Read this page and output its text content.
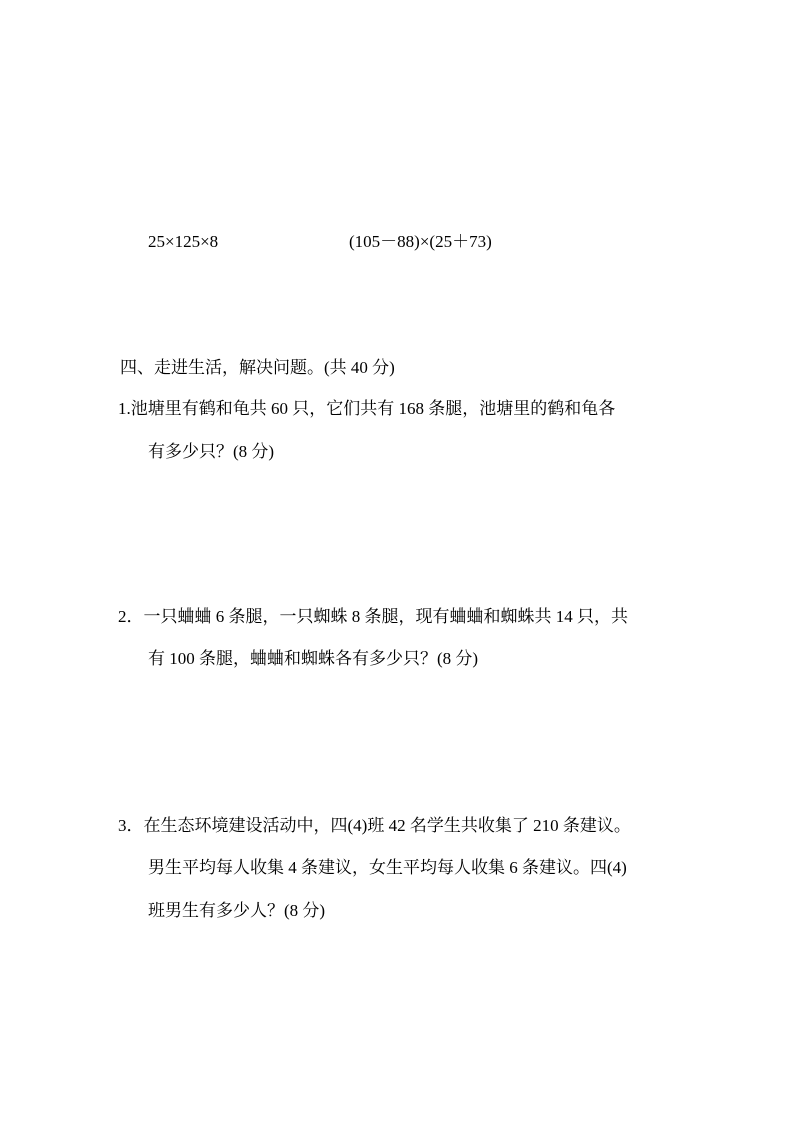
25×125×8	(105－88)×(25＋73)
四、走进生活，解决问题。(共 40 分)
1.池塘里有鹤和龟共 60 只，它们共有 168 条腿，池塘里的鹤和龟各
有多少只？(8 分)
2．一只蛐蛐 6 条腿，一只蜘蛛 8 条腿，现有蛐蛐和蜘蛛共 14 只，共
有 100 条腿，蛐蛐和蜘蛛各有多少只？(8 分)
3．在生态环境建设活动中，四(4)班 42 名学生共收集了 210 条建议。
男生平均每人收集 4 条建议，女生平均每人收集 6 条建议。四(4)
班男生有多少人？(8 分)
